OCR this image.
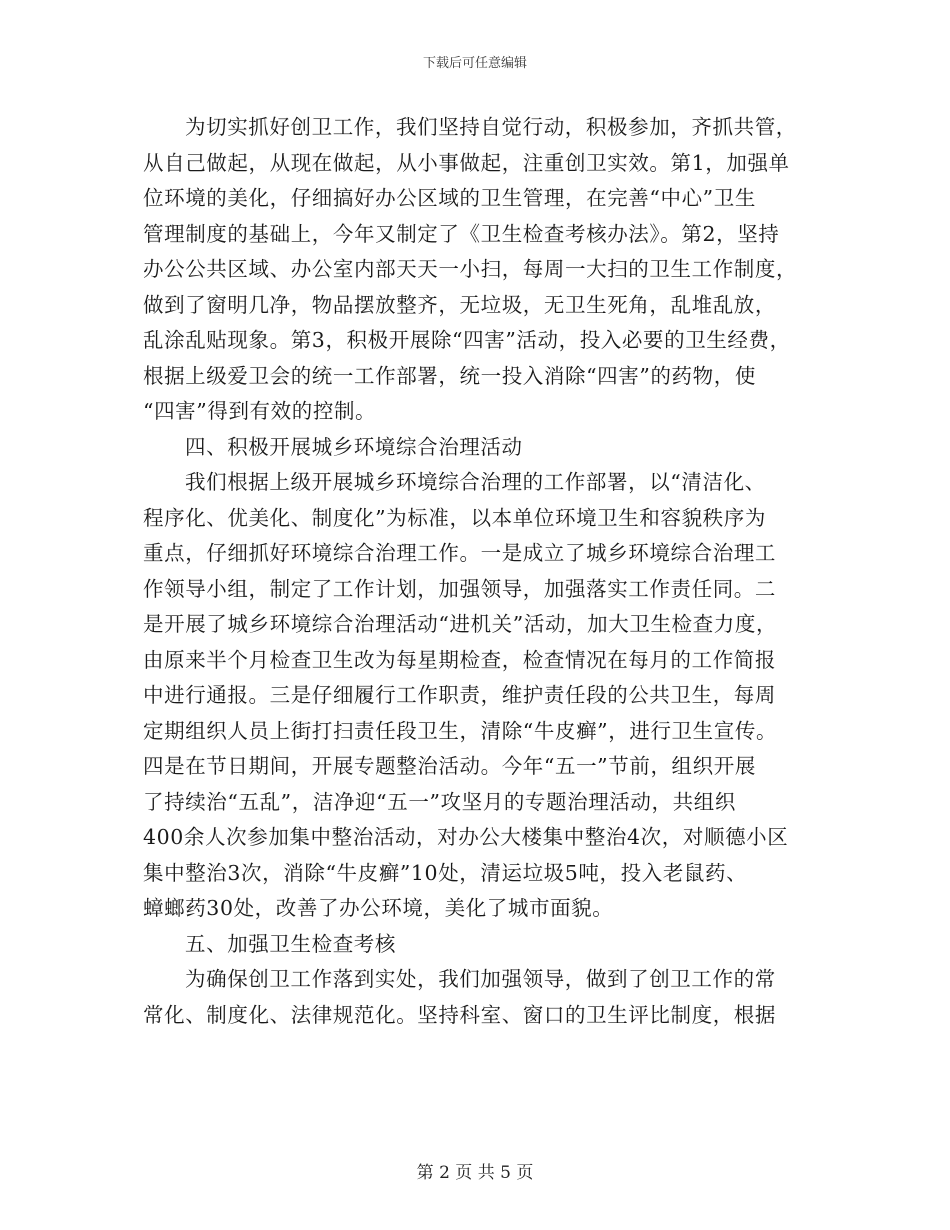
下载后可任意编辑
为切实抓好创卫工作，我们坚持自觉行动，积极参加，齐抓共管，
从自己做起，从现在做起，从小事做起，注重创卫实效。第1，加强单
位环境的美化，仔细搞好办公区域的卫生管理，在完善“中心”卫生
管理制度的基础上，今年又制定了《卫生检查考核办法》。第2，坚持
办公公共区域、办公室内部天天一小扫，每周一大扫的卫生工作制度，
做到了窗明几净，物品摆放整齐，无垃圾，无卫生死角，乱堆乱放，
乱涂乱贴现象。第3，积极开展除“四害”活动，投入必要的卫生经费，
根据上级爱卫会的统一工作部署，统一投入消除“四害”的药物，使
“四害”得到有效的控制。
四、积极开展城乡环境综合治理活动
我们根据上级开展城乡环境综合治理的工作部署，以“清洁化、
程序化、优美化、制度化”为标准，以本单位环境卫生和容貌秩序为
重点，仔细抓好环境综合治理工作。一是成立了城乡环境综合治理工
作领导小组，制定了工作计划，加强领导，加强落实工作责任同。二
是开展了城乡环境综合治理活动“进机关”活动，加大卫生检查力度，
由原来半个月检查卫生改为每星期检查，检查情况在每月的工作简报
中进行通报。三是仔细履行工作职责，维护责任段的公共卫生，每周
定期组织人员上街打扫责任段卫生，清除“牛皮癣”，进行卫生宣传。
四是在节日期间，开展专题整治活动。今年“五一”节前，组织开展
了持续治“五乱”，洁净迎“五一”攻坚月的专题治理活动，共组织
400余人次参加集中整治活动，对办公大楼集中整治4次，对顺德小区
集中整治3次，消除“牛皮癣”10处，清运垃圾5吨，投入老鼠药、
蟑螂药30处，改善了办公环境，美化了城市面貌。
五、加强卫生检查考核
为确保创卫工作落到实处，我们加强领导，做到了创卫工作的常
常化、制度化、法律规范化。坚持科室、窗口的卫生评比制度，根据
第 2 页 共 5 页
